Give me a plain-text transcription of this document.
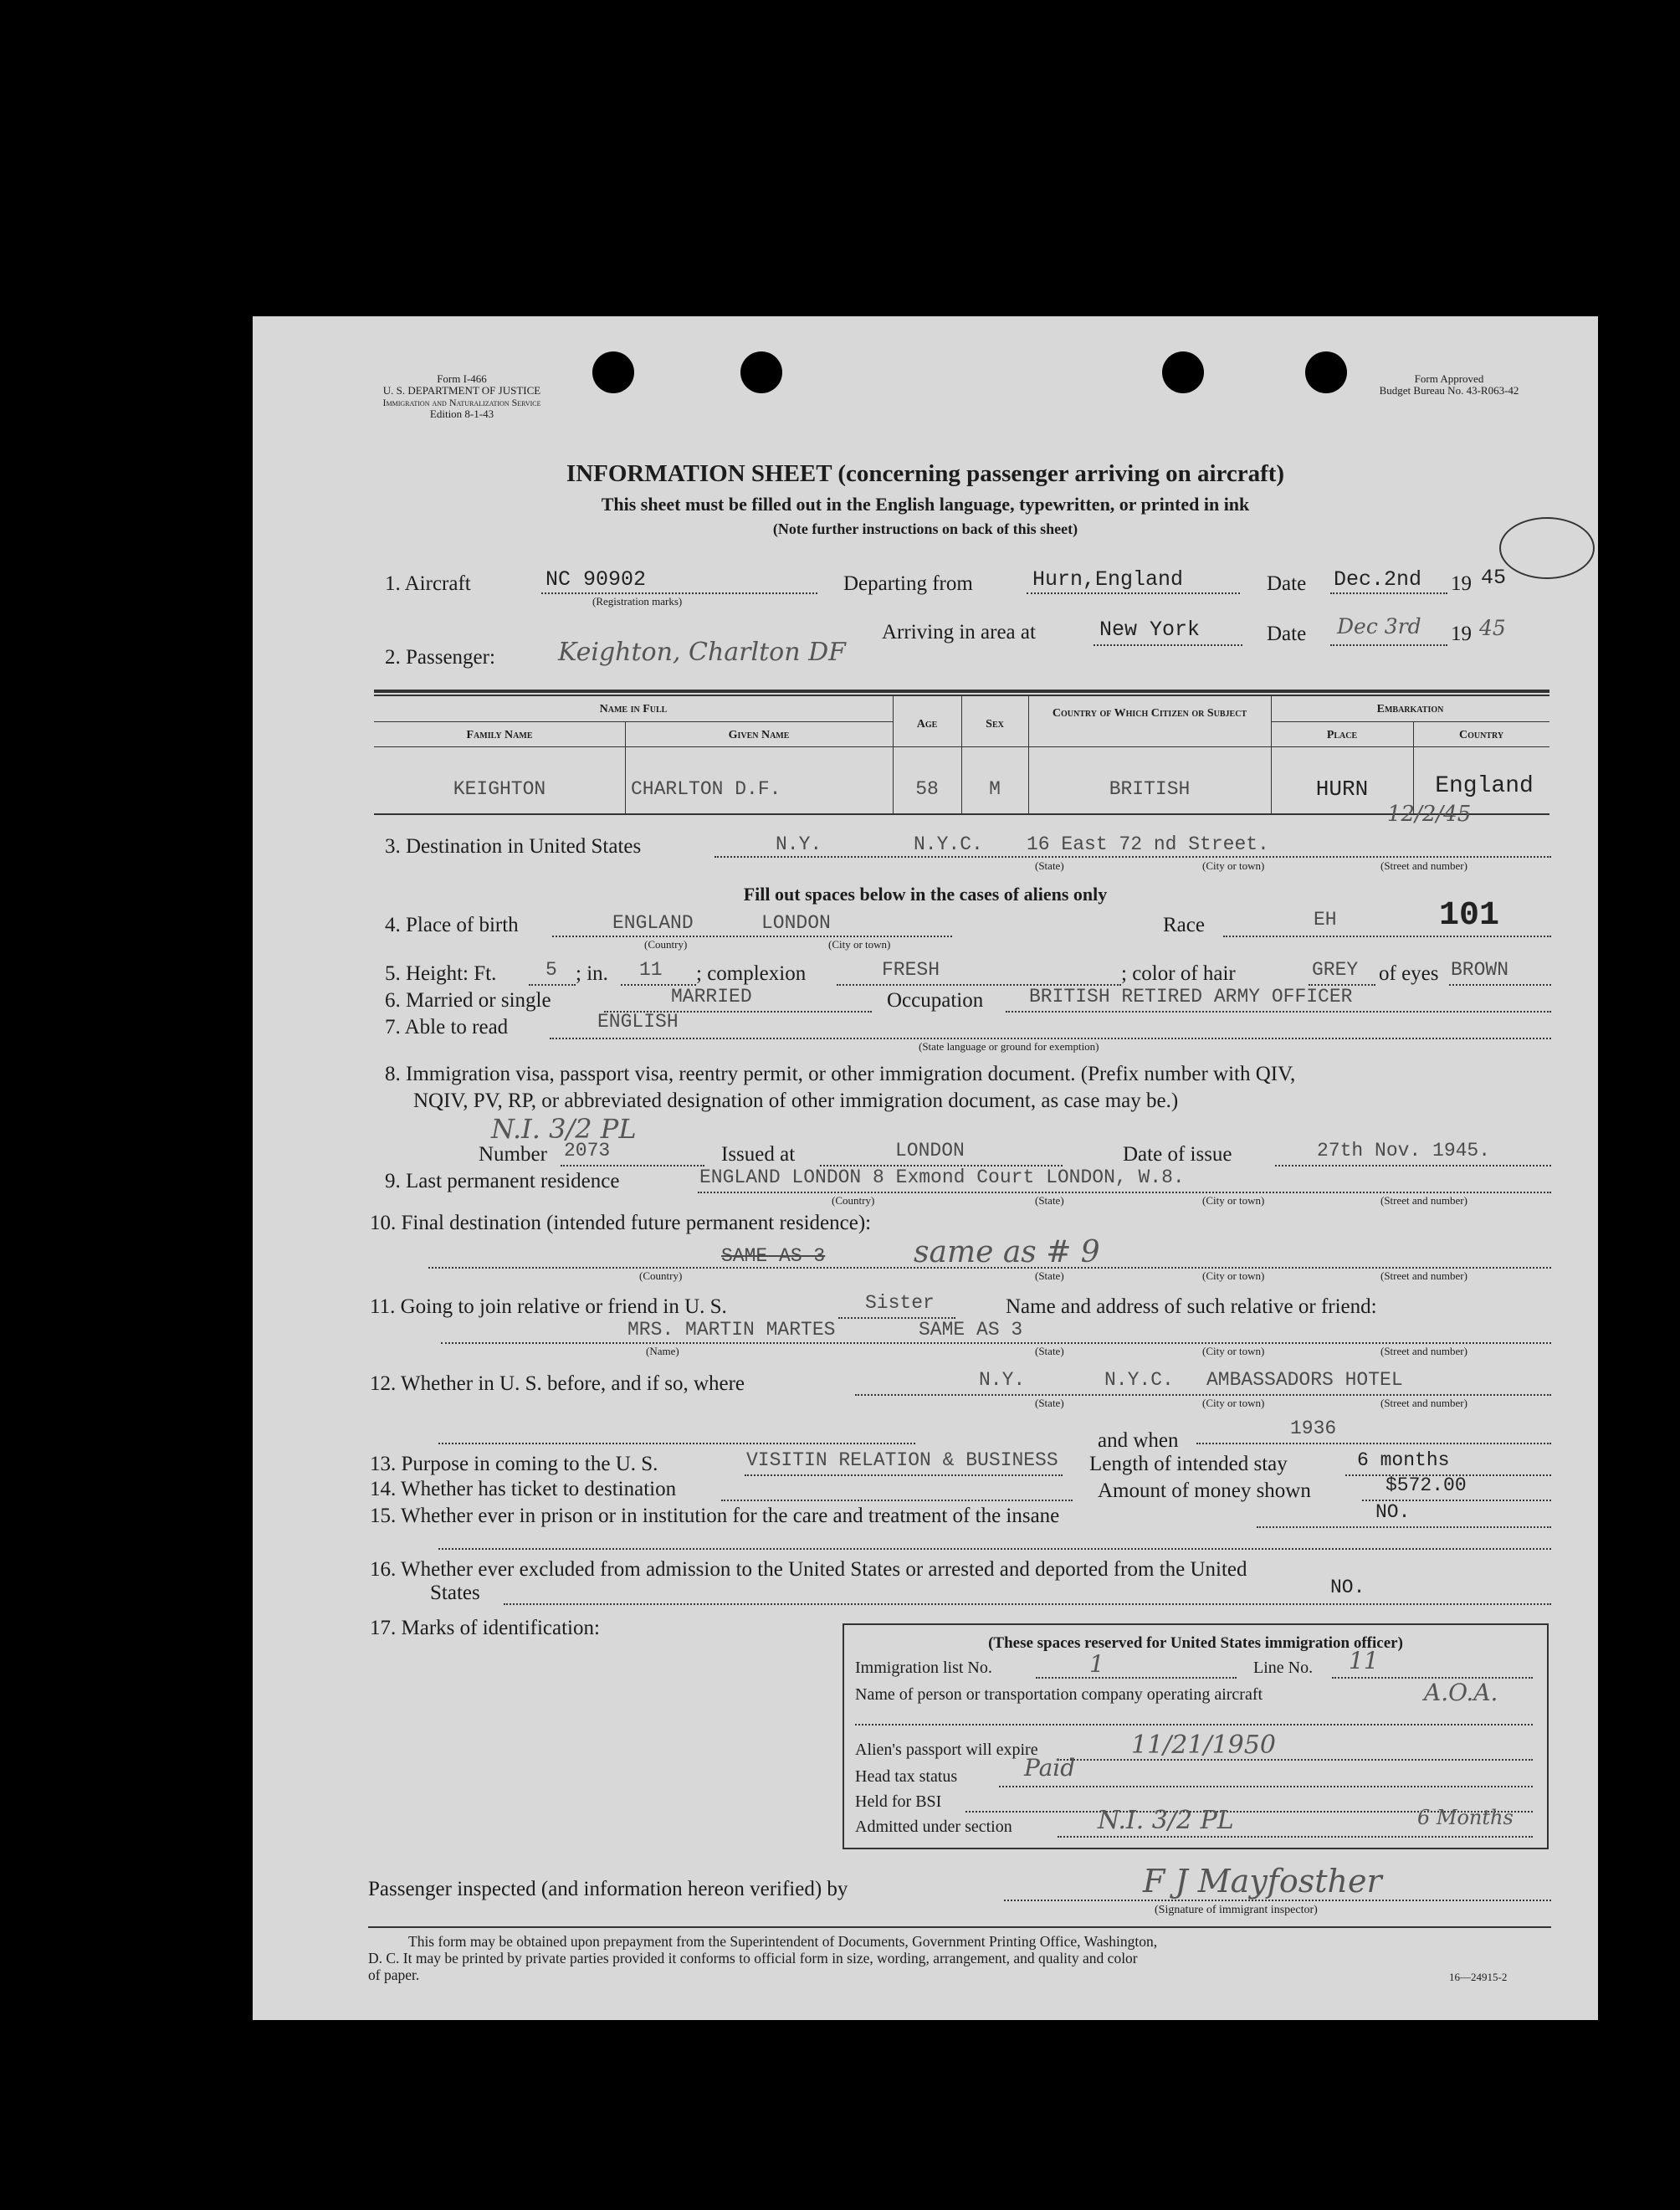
Form I-466
U. S. DEPARTMENT OF JUSTICE
Immigration and Naturalization Service
Edition 8-1-43
Form Approved
Budget Bureau No. 43-R063-42
INFORMATION SHEET (concerning passenger arriving on aircraft)
This sheet must be filled out in the English language, typewritten, or printed in ink
(Note further instructions on back of this sheet)
1. Aircraft	NC 90902
(Registration marks)
Departing from	Hurn,England	Date Dec.2nd 19 45
Arriving in area at	New York	Date Dec 3rd 19 45
2. Passenger:	Keighton, Charlton DF
Name in Full
Family Name	Given Name
Age	Sex
Country of Which Citizen or Subject	Embarkation
Place	Country
KEIGHTON	CHARLTON D.F.	58	M	BRITISH	HURN	England
12/2/45
3. Destination in United States	N.Y.	N.Y.C. 16 East 72 nd Street.
(State)	(City or town)	(Street and number)
Fill out spaces below in the cases of aliens only
4. Place of birth	ENGLAND	LONDON
(Country)	(City or town)
Race	EH	101
5. Height: Ft.	5 ; in. 11 ; complexion	FRESH	; color of hair	GREY of eyes BROWN
6. Married or single	MARRIED	Occupation BRITISH RETIRED ARMY OFFICER
7. Able to read	ENGLISH
(State language or ground for exemption)
8. Immigration visa, passport visa, reentry permit, or other immigration document. (Prefix number with QIV,
NQIV, PV, RP, or abbreviated designation of other immigration document, as case may be.)
N.I. 3/2 PL
Number 2073	Issued at	LONDON	Date of issue	27th Nov. 1945.
9. Last permanent residence	ENGLAND LONDON 8 Exmond Court LONDON, W.8.
(Country)	(State)	(City or town)	(Street and number)
10. Final destination (intended future permanent residence):
SAME AS 3	same as # 9
(Country)	(State)	(City or town)	(Street and number)
11. Going to join relative or friend in U. S.	Sister	Name and address of such relative or friend:
MRS. MARTIN MARTES	SAME AS 3
(Name)	(State)	(City or town)	(Street and number)
12. Whether in U. S. before, and if so, where	N.Y.	N.Y.C. AMBASSADORS HOTEL
(State)	(City or town)	(Street and number)
and when
1936
13. Purpose in coming to the U. S.	VISITIN RELATION & BUSINESS Length of intended stay	6 months
14. Whether has ticket to destination	Amount of money shown	$572.00
15. Whether ever in prison or in institution for the care and treatment of the insane	NO.
16. Whether ever excluded from admission to the United States or arrested and deported from the United
States	NO.
17. Marks of identification:
(These spaces reserved for United States immigration officer)
Immigration list No.	1	Line No. 11
Name of person or transportation company operating aircraft	A.O.A.
Alien's passport will expire	11/21/1950
Head tax status	Paid
Held for BSI
Admitted under section	N.I. 3/2 PL	6 Months
Passenger inspected (and information hereon verified) by	F J Mayfosther
(Signature of immigrant inspector)
This form may be obtained upon prepayment from the Superintendent of Documents, Government Printing Office, Washington,
D. C. It may be printed by private parties provided it conforms to official form in size, wording, arrangement, and quality and color
of paper.	16—24915-2
